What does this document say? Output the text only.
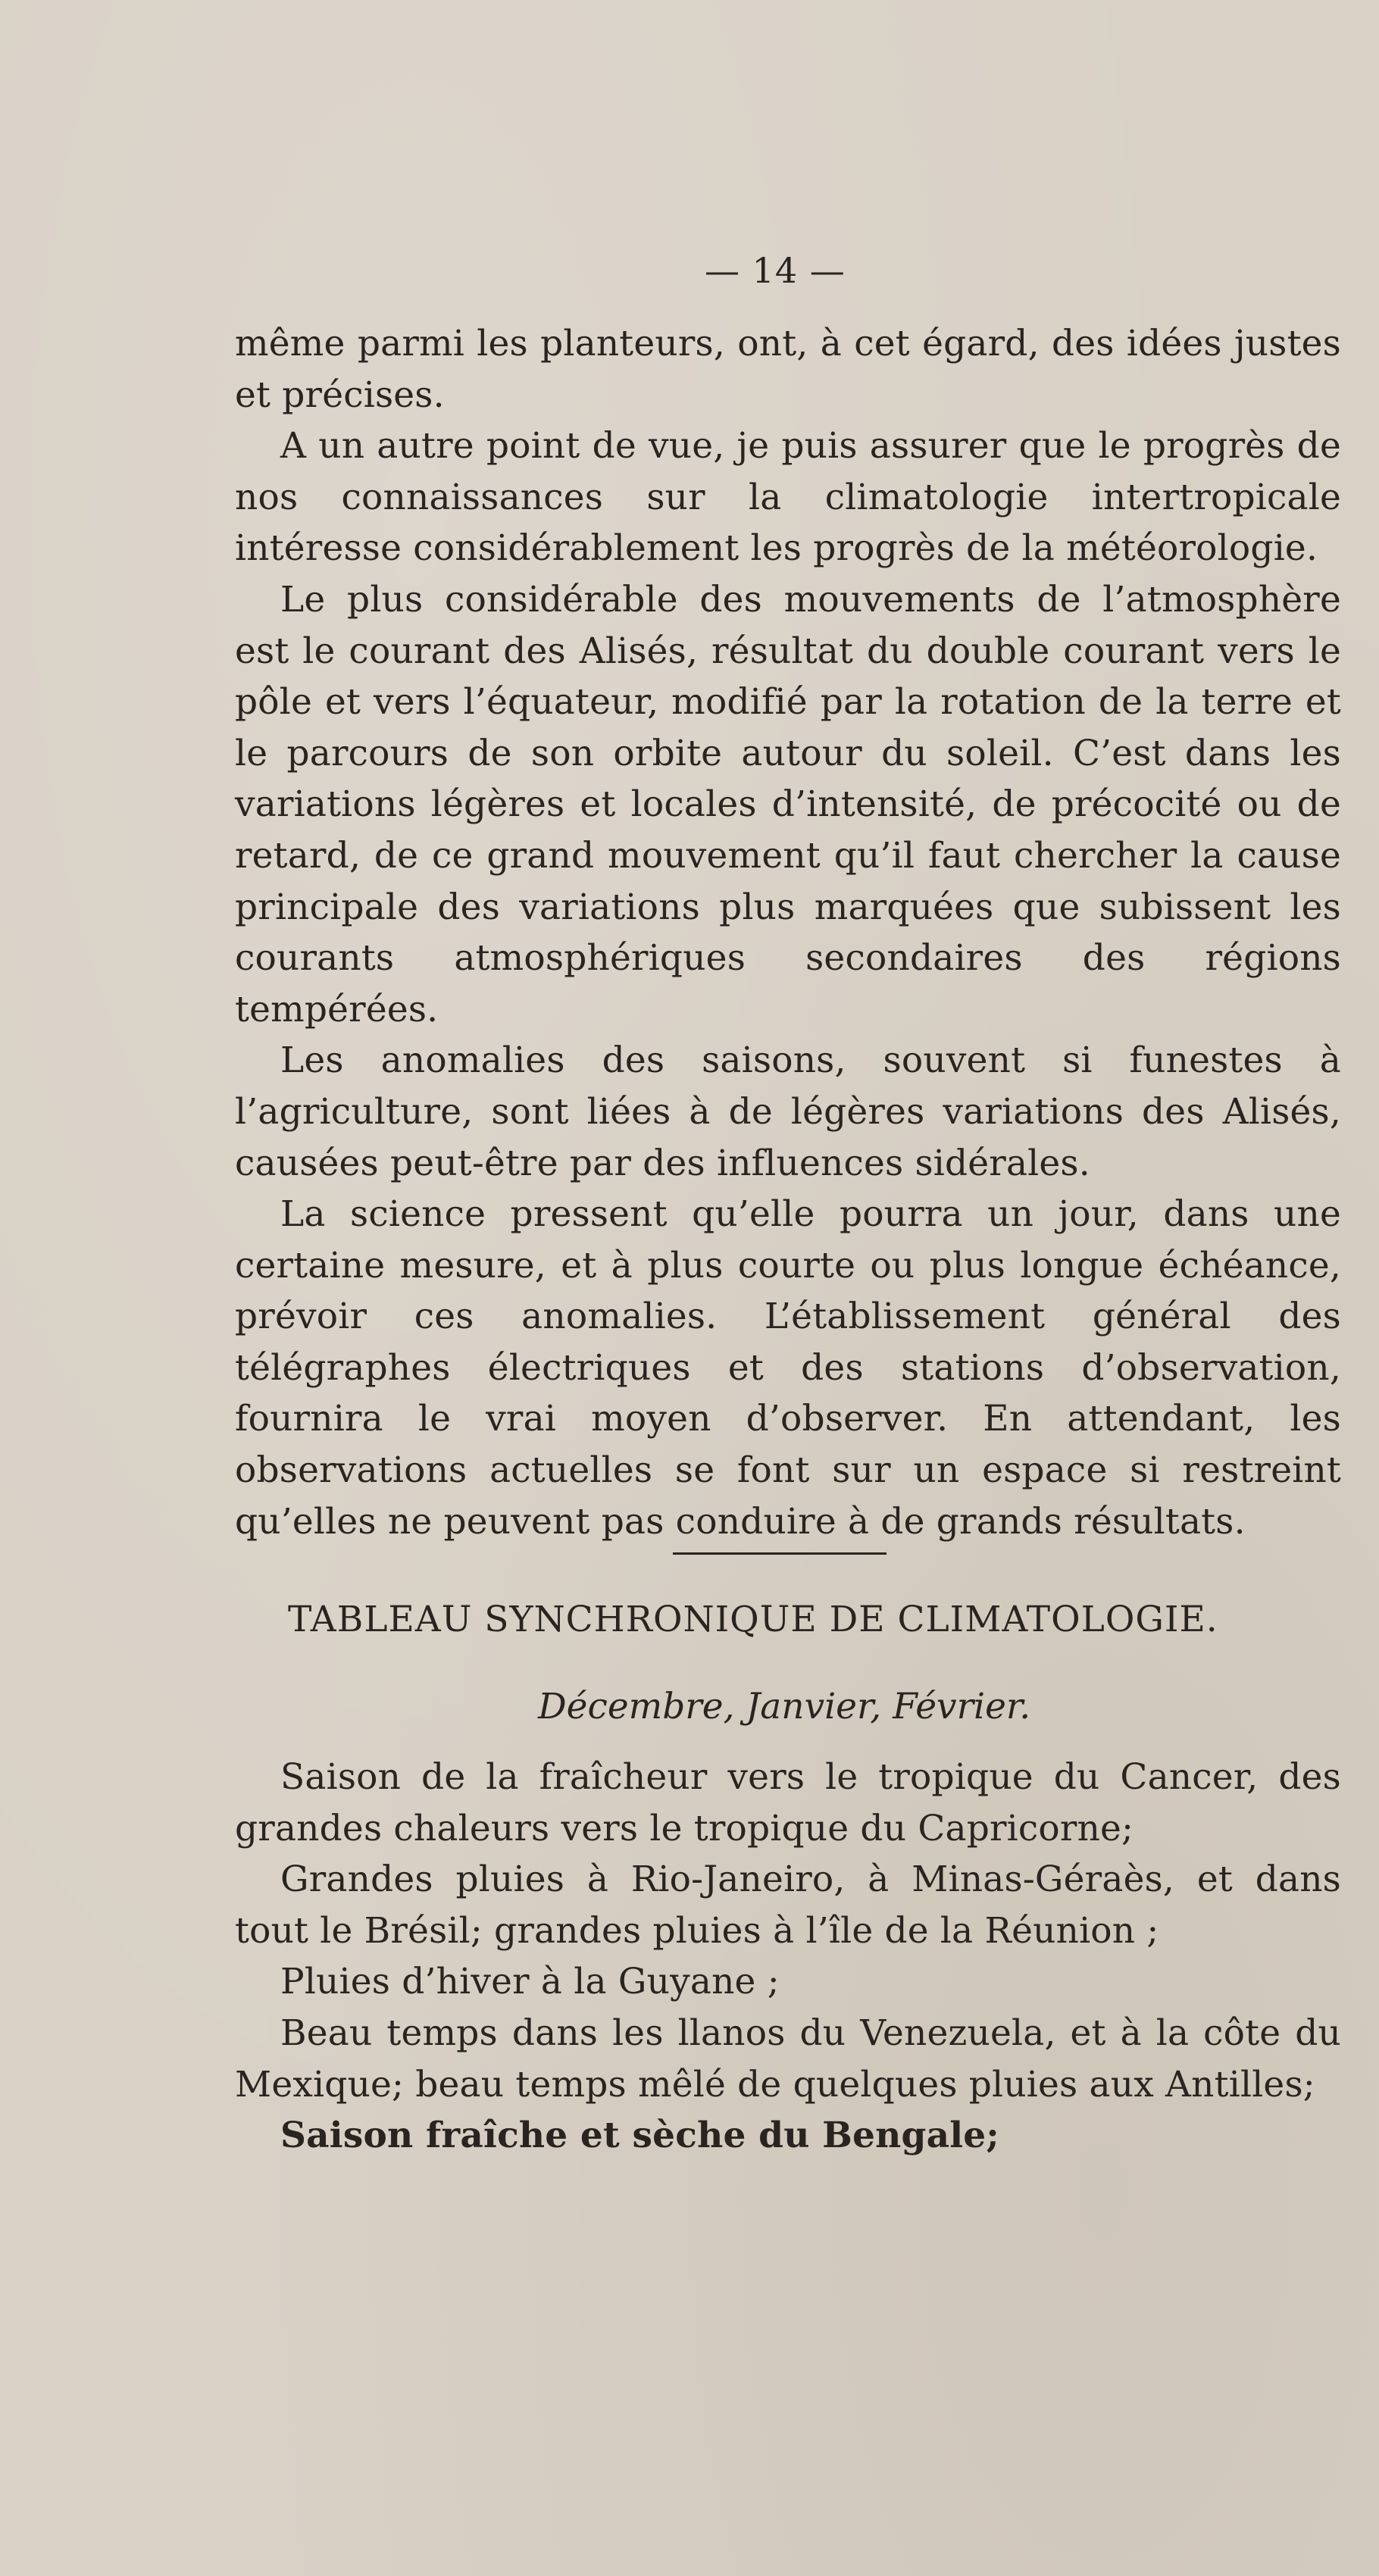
— 14 —

même parmi les planteurs, ont, à cet égard, des idées justes et précises.

A un autre point de vue, je puis assurer que le progrès de nos connaissances sur la climatologie intertropicale intéresse considérablement les progrès de la météorologie.

Le plus considérable des mouvements de l’atmosphère est le courant des Alisés, résultat du double courant vers le pôle et vers l’équateur, modifié par la rotation de la terre et le parcours de son orbite autour du soleil. C’est dans les variations légères et locales d’intensité, de précocité ou de retard, de ce grand mouvement qu’il faut chercher la cause principale des variations plus marquées que subissent les courants atmosphériques secondaires des régions tempérées.

Les anomalies des saisons, souvent si funestes à l’agriculture, sont liées à de légères variations des Alisés, causées peut-être par des influences sidérales.

La science pressent qu’elle pourra un jour, dans une certaine mesure, et à plus courte ou plus longue échéance, prévoir ces anomalies. L’établissement général des télégraphes électriques et des stations d’observation, fournira le vrai moyen d’observer. En attendant, les observations actuelles se font sur un espace si restreint qu’elles ne peuvent pas conduire à de grands résultats.

TABLEAU SYNCHRONIQUE DE CLIMATOLOGIE.
Décembre, Janvier, Février.

Saison de la fraîcheur vers le tropique du Cancer, des grandes chaleurs vers le tropique du Capricorne;

Grandes pluies à Rio-Janeiro, à Minas-Géraès, et dans tout le Brésil; grandes pluies à l’île de la Réunion ;

Pluies d’hiver à la Guyane ;

Beau temps dans les llanos du Venezuela, et à la côte du Mexique; beau temps mêlé de quelques pluies aux Antilles;

Saison fraîche et sèche du Bengale;
